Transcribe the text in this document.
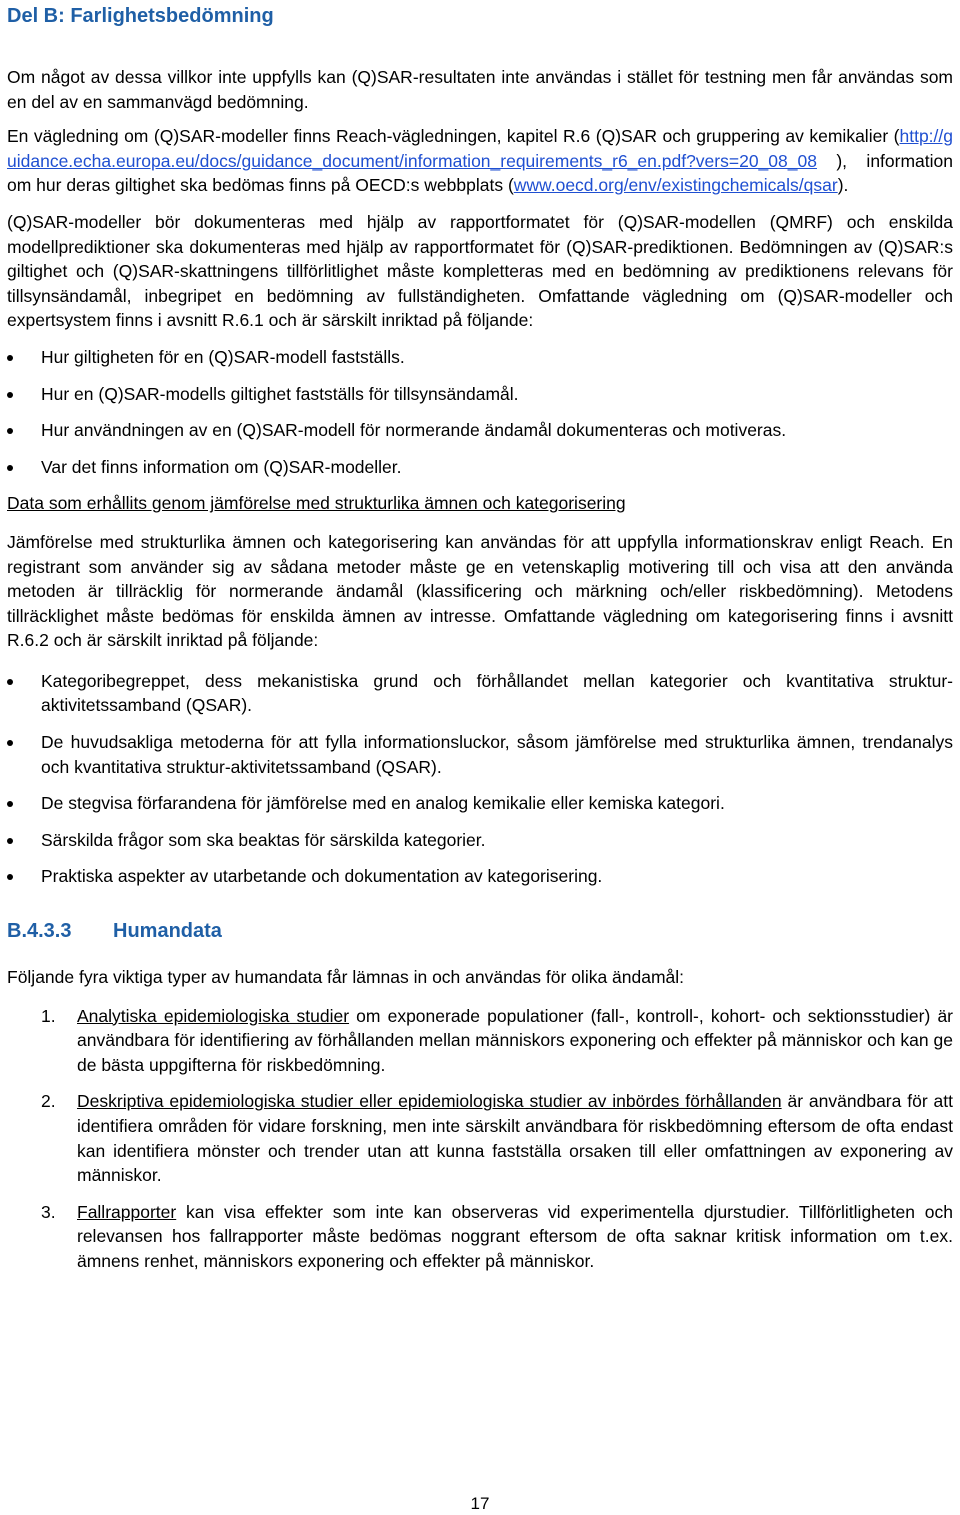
Del B: Farlighetsbedömning

Om något av dessa villkor inte uppfylls kan (Q)SAR-resultaten inte användas i stället för testning men får användas som en del av en sammanvägd bedömning.

En vägledning om (Q)SAR-modeller finns Reach-vägledningen, kapitel R.6 (Q)SAR och gruppering av kemikalier (http://guidance.echa.europa.eu/docs/guidance_document/information_requirements_r6_en.pdf?vers=20_08_08 ), information om hur deras giltighet ska bedömas finns på OECD:s webbplats (www.oecd.org/env/existingchemicals/qsar).

(Q)SAR-modeller bör dokumenteras med hjälp av rapportformatet för (Q)SAR-modellen (QMRF) och enskilda modellprediktioner ska dokumenteras med hjälp av rapportformatet för (Q)SAR-prediktionen. Bedömningen av (Q)SAR:s giltighet och (Q)SAR-skattningens tillförlitlighet måste kompletteras med en bedömning av prediktionens relevans för tillsynsändamål, inbegripet en bedömning av fullständigheten. Omfattande vägledning om (Q)SAR-modeller och expertsystem finns i avsnitt R.6.1 och är särskilt inriktad på följande:

Hur giltigheten för en (Q)SAR-modell fastställs.
Hur en (Q)SAR-modells giltighet fastställs för tillsynsändamål.
Hur användningen av en (Q)SAR-modell för normerande ändamål dokumenteras och motiveras.
Var det finns information om (Q)SAR-modeller.
Data som erhållits genom jämförelse med strukturlika ämnen och kategorisering

Jämförelse med strukturlika ämnen och kategorisering kan användas för att uppfylla informationskrav enligt Reach. En registrant som använder sig av sådana metoder måste ge en vetenskaplig motivering till och visa att den använda metoden är tillräcklig för normerande ändamål (klassificering och märkning och/eller riskbedömning). Metodens tillräcklighet måste bedömas för enskilda ämnen av intresse. Omfattande vägledning om kategorisering finns i avsnitt R.6.2 och är särskilt inriktad på följande:

Kategoribegreppet, dess mekanistiska grund och förhållandet mellan kategorier och kvantitativa struktur-aktivitetssamband (QSAR).
De huvudsakliga metoderna för att fylla informationsluckor, såsom jämförelse med strukturlika ämnen, trendanalys och kvantitativa struktur-aktivitetssamband (QSAR).
De stegvisa förfarandena för jämförelse med en analog kemikalie eller kemiska kategori.
Särskilda frågor som ska beaktas för särskilda kategorier.
Praktiska aspekter av utarbetande och dokumentation av kategorisering.
B.4.3.3	Humandata

Följande fyra viktiga typer av humandata får lämnas in och användas för olika ändamål:

1. Analytiska epidemiologiska studier om exponerade populationer (fall-, kontroll-, kohort- och sektionsstudier) är användbara för identifiering av förhållanden mellan människors exponering och effekter på människor och kan ge de bästa uppgifterna för riskbedömning.
2. Deskriptiva epidemiologiska studier eller epidemiologiska studier av inbördes förhållanden är användbara för att identifiera områden för vidare forskning, men inte särskilt användbara för riskbedömning eftersom de ofta endast kan identifiera mönster och trender utan att kunna fastställa orsaken till eller omfattningen av exponering av människor.
3. Fallrapporter kan visa effekter som inte kan observeras vid experimentella djurstudier. Tillförlitligheten och relevansen hos fallrapporter måste bedömas noggrant eftersom de ofta saknar kritisk information om t.ex. ämnens renhet, människors exponering och effekter på människor.
17
